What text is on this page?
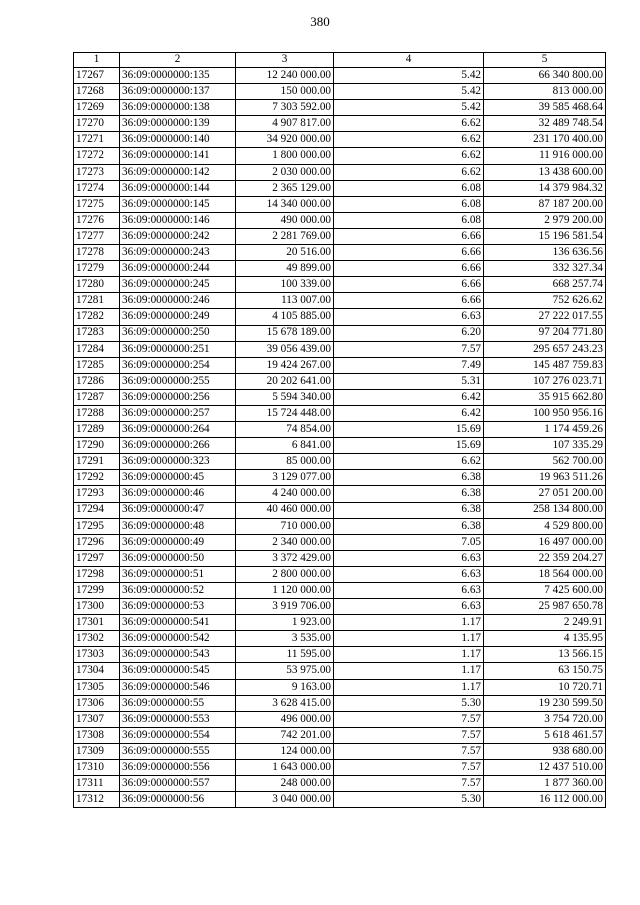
380
1	2	3	4	5
17267	36:09:0000000:135	12 240 000.00	5.42	66 340 800.00
17268	36:09:0000000:137	150 000.00	5.42	813 000.00
17269	36:09:0000000:138	7 303 592.00	5.42	39 585 468.64
17270	36:09:0000000:139	4 907 817.00	6.62	32 489 748.54
17271	36:09:0000000:140	34 920 000.00	6.62	231 170 400.00
17272	36:09:0000000:141	1 800 000.00	6.62	11 916 000.00
17273	36:09:0000000:142	2 030 000.00	6.62	13 438 600.00
17274	36:09:0000000:144	2 365 129.00	6.08	14 379 984.32
17275	36:09:0000000:145	14 340 000.00	6.08	87 187 200.00
17276	36:09:0000000:146	490 000.00	6.08	2 979 200.00
17277	36:09:0000000:242	2 281 769.00	6.66	15 196 581.54
17278	36:09:0000000:243	20 516.00	6.66	136 636.56
17279	36:09:0000000:244	49 899.00	6.66	332 327.34
17280	36:09:0000000:245	100 339.00	6.66	668 257.74
17281	36:09:0000000:246	113 007.00	6.66	752 626.62
17282	36:09:0000000:249	4 105 885.00	6.63	27 222 017.55
17283	36:09:0000000:250	15 678 189.00	6.20	97 204 771.80
17284	36:09:0000000:251	39 056 439.00	7.57	295 657 243.23
17285	36:09:0000000:254	19 424 267.00	7.49	145 487 759.83
17286	36:09:0000000:255	20 202 641.00	5.31	107 276 023.71
17287	36:09:0000000:256	5 594 340.00	6.42	35 915 662.80
17288	36:09:0000000:257	15 724 448.00	6.42	100 950 956.16
17289	36:09:0000000:264	74 854.00	15.69	1 174 459.26
17290	36:09:0000000:266	6 841.00	15.69	107 335.29
17291	36:09:0000000:323	85 000.00	6.62	562 700.00
17292	36:09:0000000:45	3 129 077.00	6.38	19 963 511.26
17293	36:09:0000000:46	4 240 000.00	6.38	27 051 200.00
17294	36:09:0000000:47	40 460 000.00	6.38	258 134 800.00
17295	36:09:0000000:48	710 000.00	6.38	4 529 800.00
17296	36:09:0000000:49	2 340 000.00	7.05	16 497 000.00
17297	36:09:0000000:50	3 372 429.00	6.63	22 359 204.27
17298	36:09:0000000:51	2 800 000.00	6.63	18 564 000.00
17299	36:09:0000000:52	1 120 000.00	6.63	7 425 600.00
17300	36:09:0000000:53	3 919 706.00	6.63	25 987 650.78
17301	36:09:0000000:541	1 923.00	1.17	2 249.91
17302	36:09:0000000:542	3 535.00	1.17	4 135.95
17303	36:09:0000000:543	11 595.00	1.17	13 566.15
17304	36:09:0000000:545	53 975.00	1.17	63 150.75
17305	36:09:0000000:546	9 163.00	1.17	10 720.71
17306	36:09:0000000:55	3 628 415.00	5.30	19 230 599.50
17307	36:09:0000000:553	496 000.00	7.57	3 754 720.00
17308	36:09:0000000:554	742 201.00	7.57	5 618 461.57
17309	36:09:0000000:555	124 000.00	7.57	938 680.00
17310	36:09:0000000:556	1 643 000.00	7.57	12 437 510.00
17311	36:09:0000000:557	248 000.00	7.57	1 877 360.00
17312	36:09:0000000:56	3 040 000.00	5.30	16 112 000.00
